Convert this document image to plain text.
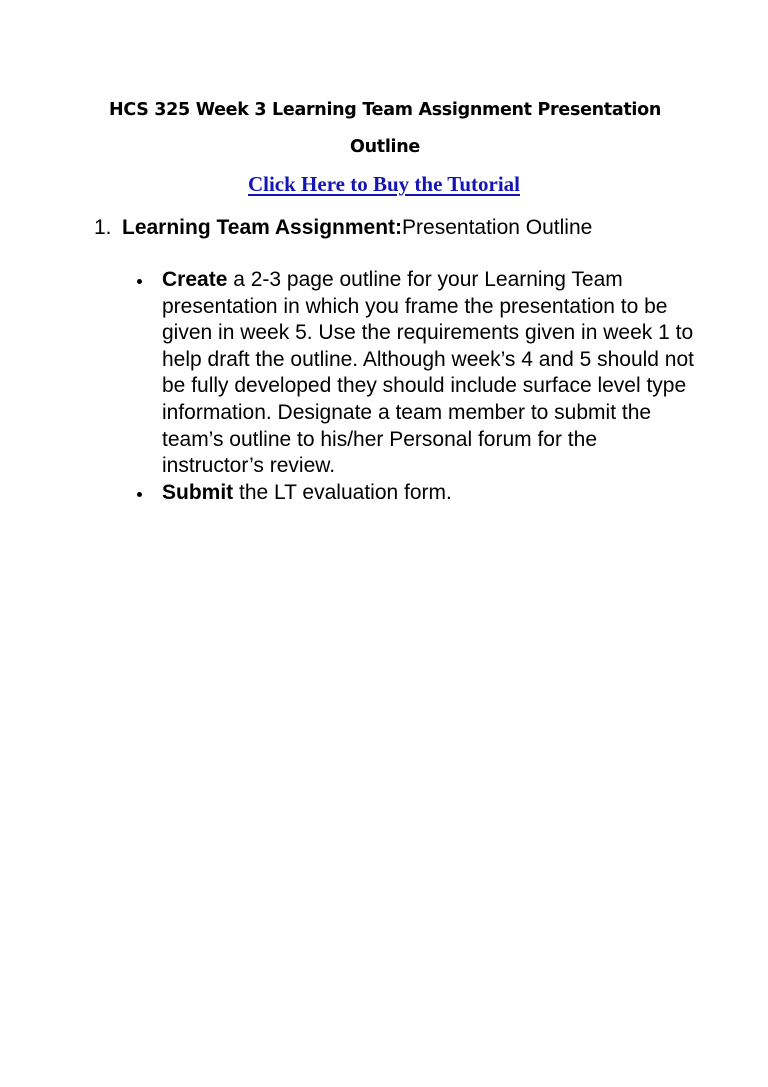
HCS 325 Week 3 Learning Team Assignment Presentation Outline
Click Here to Buy the Tutorial
1. Learning Team Assignment:Presentation Outline
Create a 2-3 page outline for your Learning Team presentation in which you frame the presentation to be given in week 5. Use the requirements given in week 1 to help draft the outline. Although week’s 4 and 5 should not be fully developed they should include surface level type information. Designate a team member to submit the team’s outline to his/her Personal forum for the instructor’s review.
Submit the LT evaluation form.
